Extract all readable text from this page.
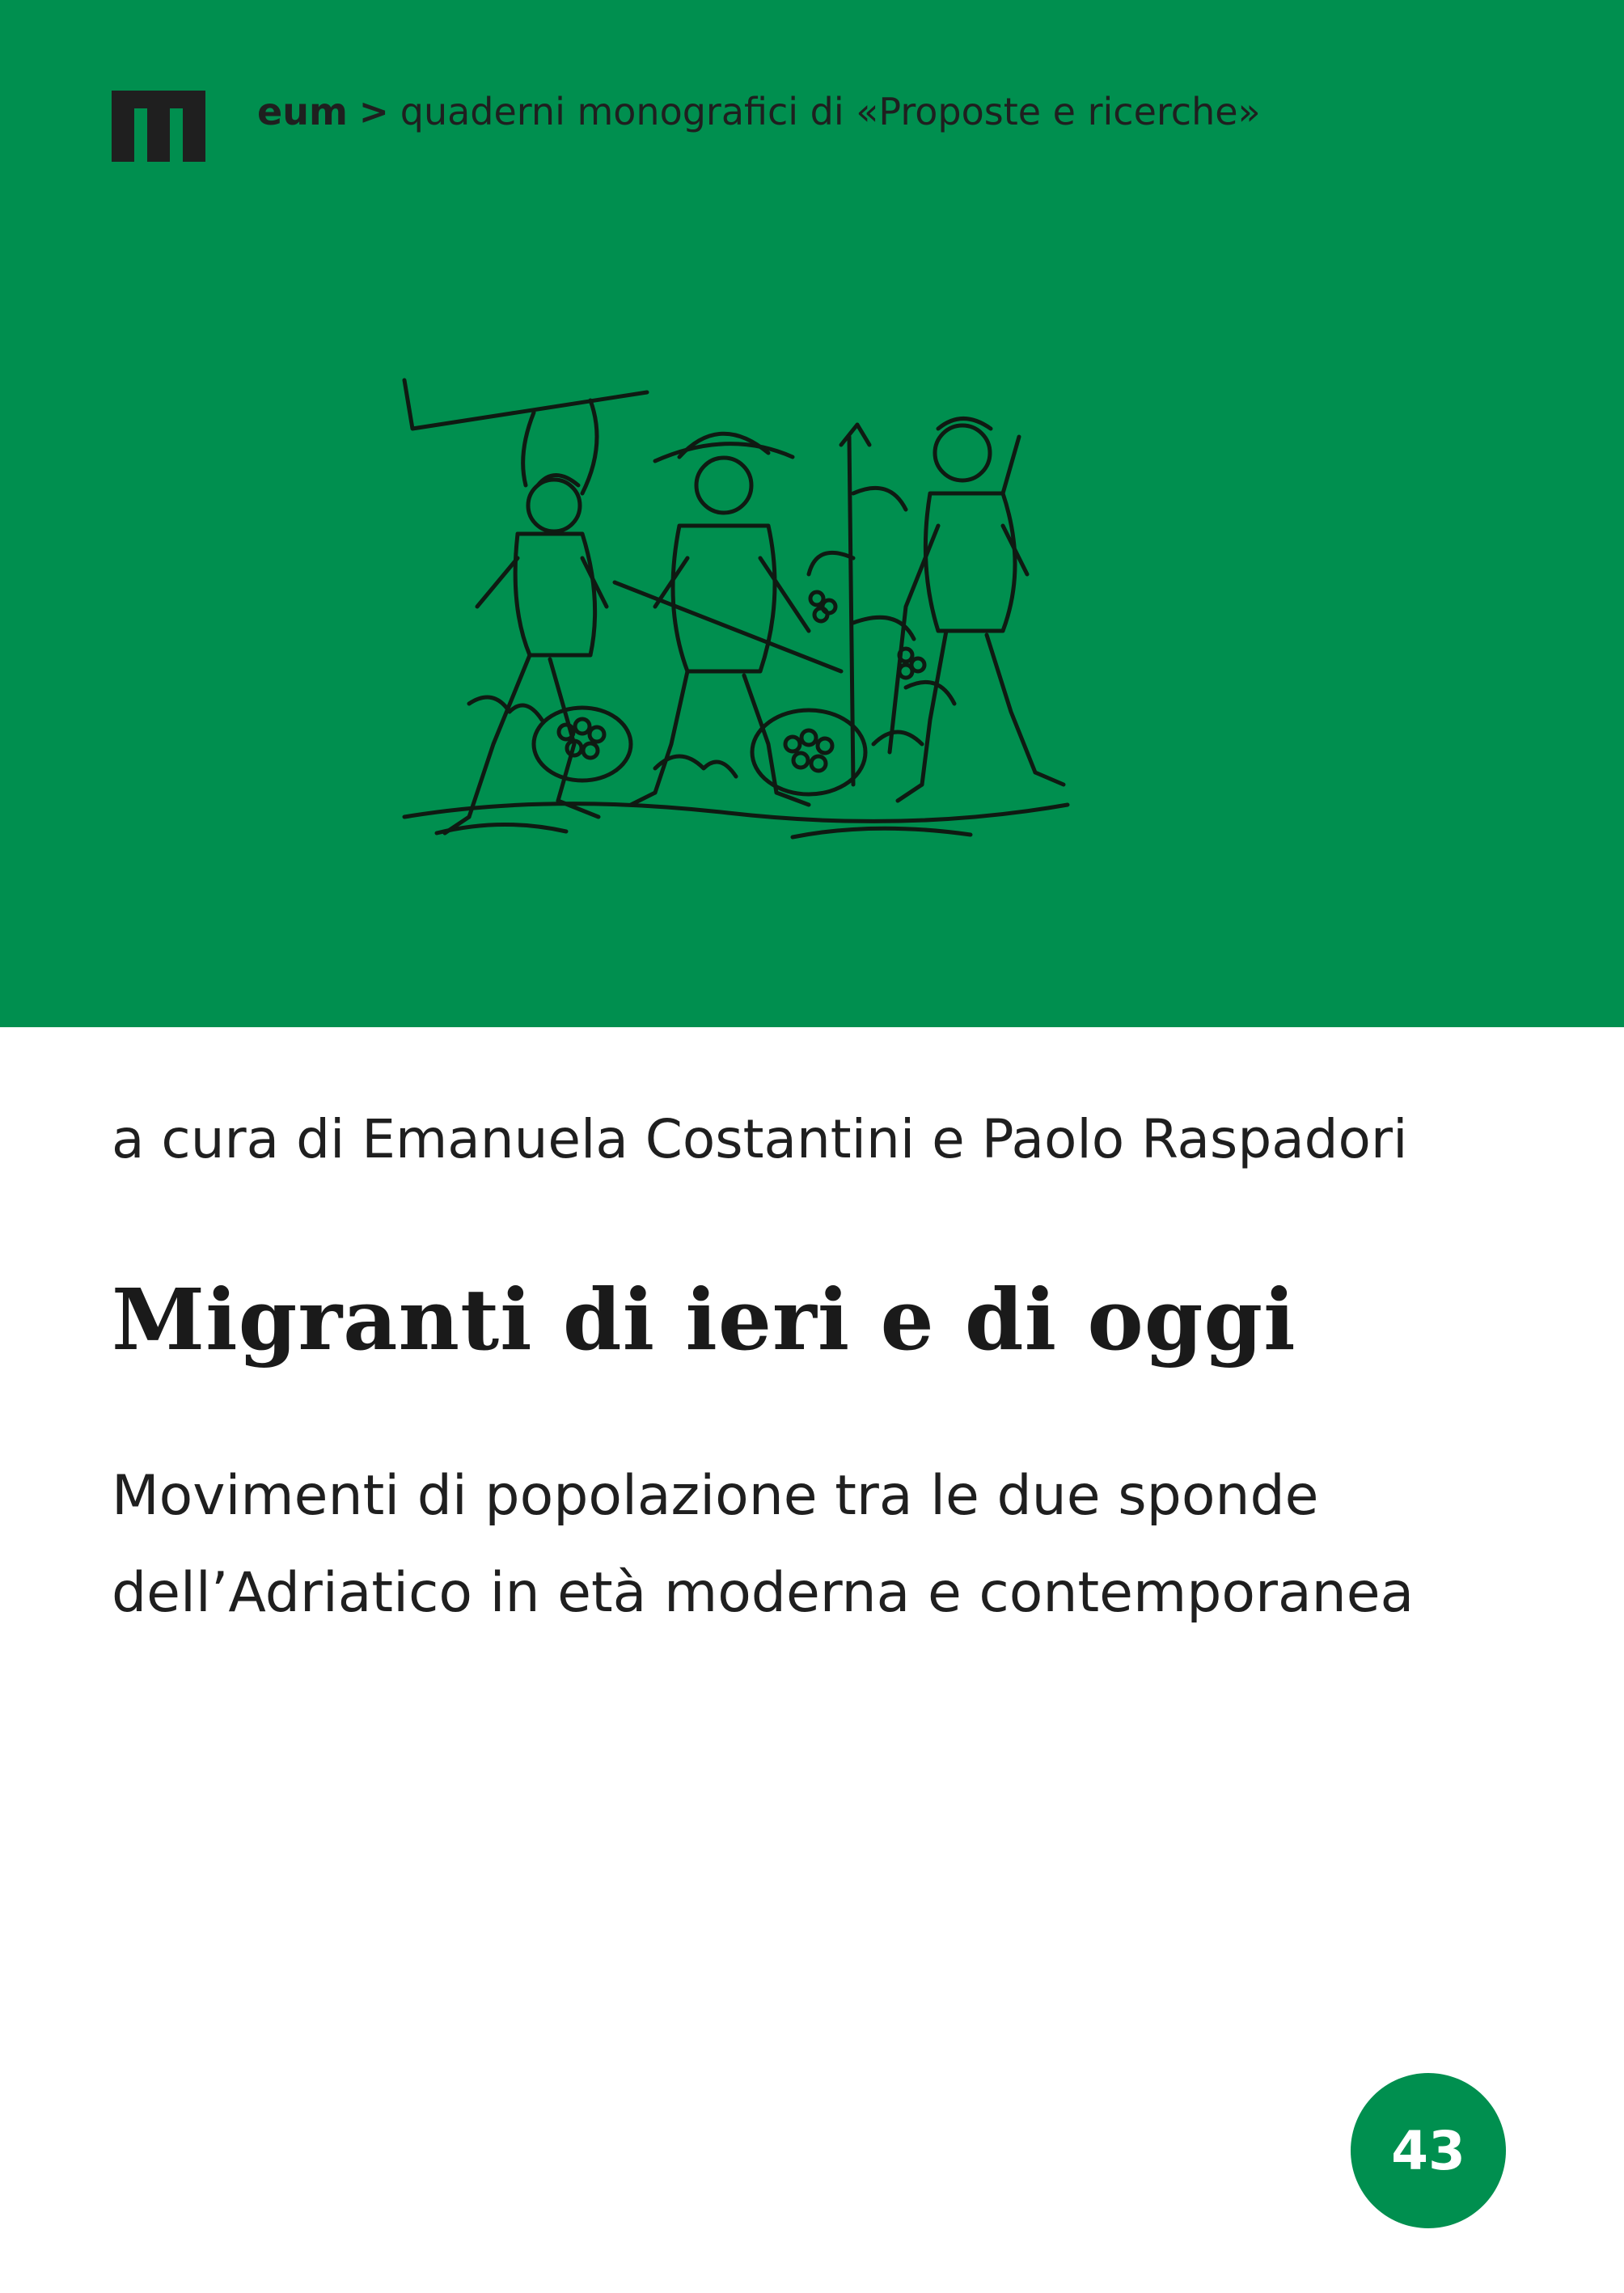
eum > quaderni monografici di «Proposte e ricerche»
a cura di Emanuela Costantini e Paolo Raspadori
Migranti di ieri e di oggi
Movimenti di popolazione tra le due sponde
dell’Adriatico in età moderna e contemporanea
43
